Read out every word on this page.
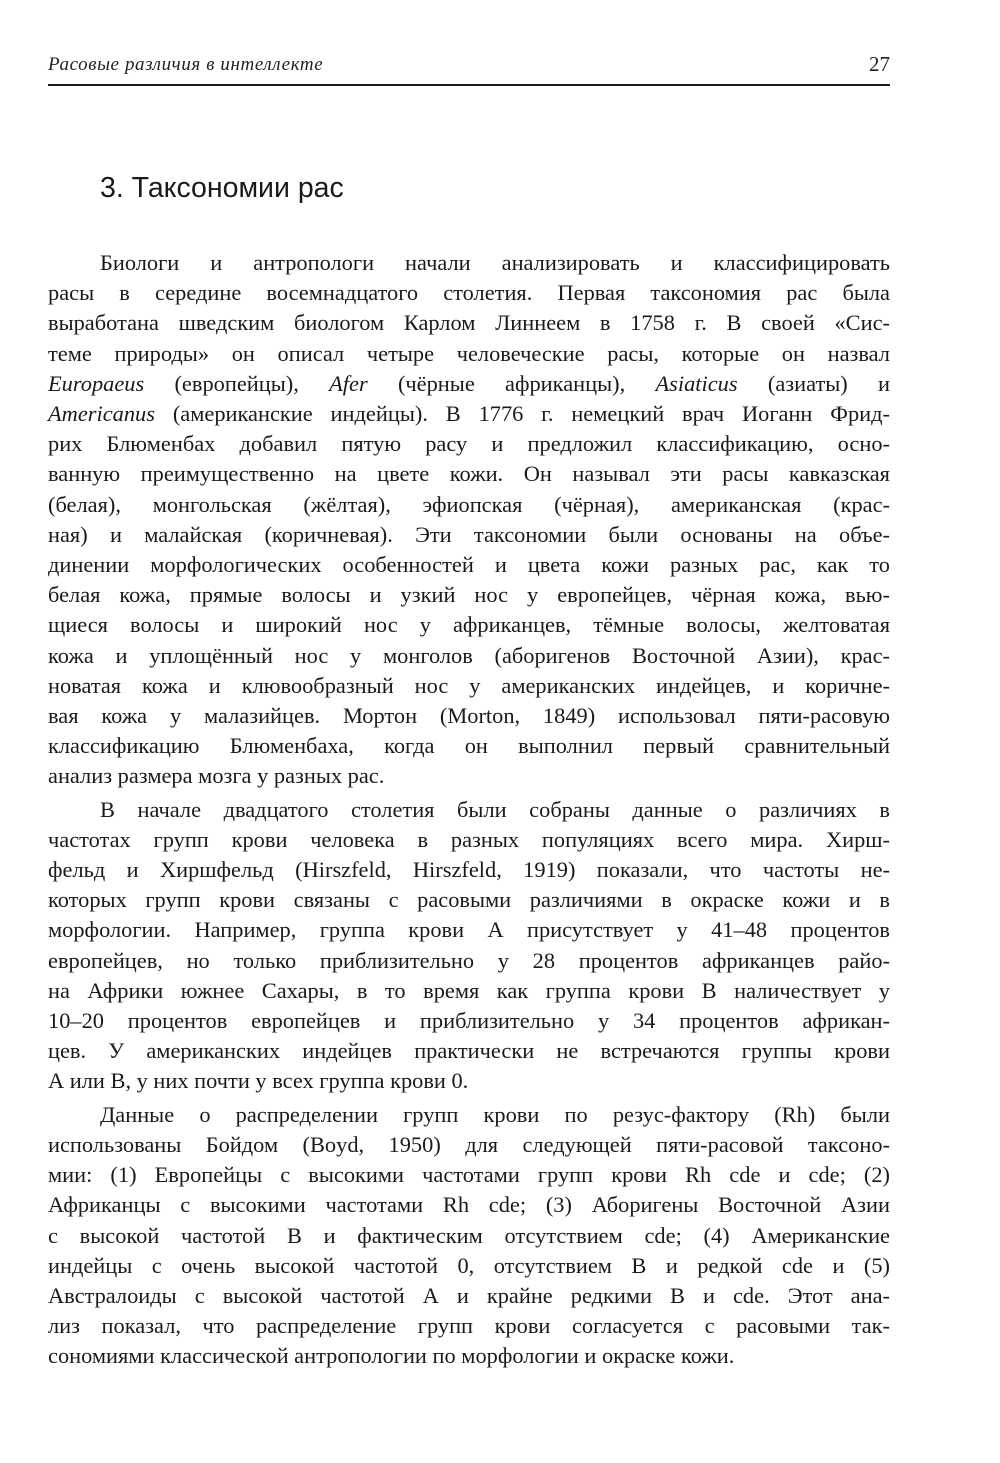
Расовые различия в интеллекте	27
3. Таксономии рас

Биологи и антропологи начали анализировать и классифицировать
расы в середине восемнадцатого столетия. Первая таксономия рас была
выработана шведским биологом Карлом Линнеем в 1758 г. В своей «Сис-
теме природы» он описал четыре человеческие расы, которые он назвал
Europaeus (европейцы), Afer (чёрные африканцы), Asiaticus (азиаты) и
Americanus (американские индейцы). В 1776 г. немецкий врач Иоганн Фрид-
рих Блюменбах добавил пятую расу и предложил классификацию, осно-
ванную преимущественно на цвете кожи. Он называл эти расы кавказская
(белая), монгольская (жёлтая), эфиопская (чёрная), американская (крас-
ная) и малайская (коричневая). Эти таксономии были основаны на объе-
динении морфологических особенностей и цвета кожи разных рас, как то
белая кожа, прямые волосы и узкий нос у европейцев, чёрная кожа, вью-
щиеся волосы и широкий нос у африканцев, тёмные волосы, желтоватая
кожа и уплощённый нос у монголов (аборигенов Восточной Азии), крас-
новатая кожа и клювообразный нос у американских индейцев, и коричне-
вая кожа у малазийцев. Мортон (Morton, 1849) использовал пяти-расовую
классификацию Блюменбаха, когда он выполнил первый сравнительный
анализ размера мозга у разных рас.

В начале двадцатого столетия были собраны данные о различиях в
частотах групп крови человека в разных популяциях всего мира. Хирш-
фельд и Хиршфельд (Hirszfeld, Hirszfeld, 1919) показали, что частоты не-
которых групп крови связаны с расовыми различиями в окраске кожи и в
морфологии. Например, группа крови А присутствует у 41–48 процентов
европейцев, но только приблизительно у 28 процентов африканцев райо-
на Африки южнее Сахары, в то время как группа крови В наличествует у
10–20 процентов европейцев и приблизительно у 34 процентов африкан-
цев. У американских индейцев практически не встречаются группы крови
А или В, у них почти у всех группа крови 0.

Данные о распределении групп крови по резус-фактору (Rh) были
использованы Бойдом (Boyd, 1950) для следующей пяти-расовой таксоно-
мии: (1) Европейцы с высокими частотами групп крови Rh cde и cde; (2)
Африканцы с высокими частотами Rh cde; (3) Аборигены Восточной Азии
с высокой частотой В и фактическим отсутствием cde; (4) Американские
индейцы с очень высокой частотой 0, отсутствием В и редкой cde и (5)
Австралоиды с высокой частотой А и крайне редкими В и cde. Этот ана-
лиз показал, что распределение групп крови согласуется с расовыми так-
сономиями классической антропологии по морфологии и окраске кожи.
